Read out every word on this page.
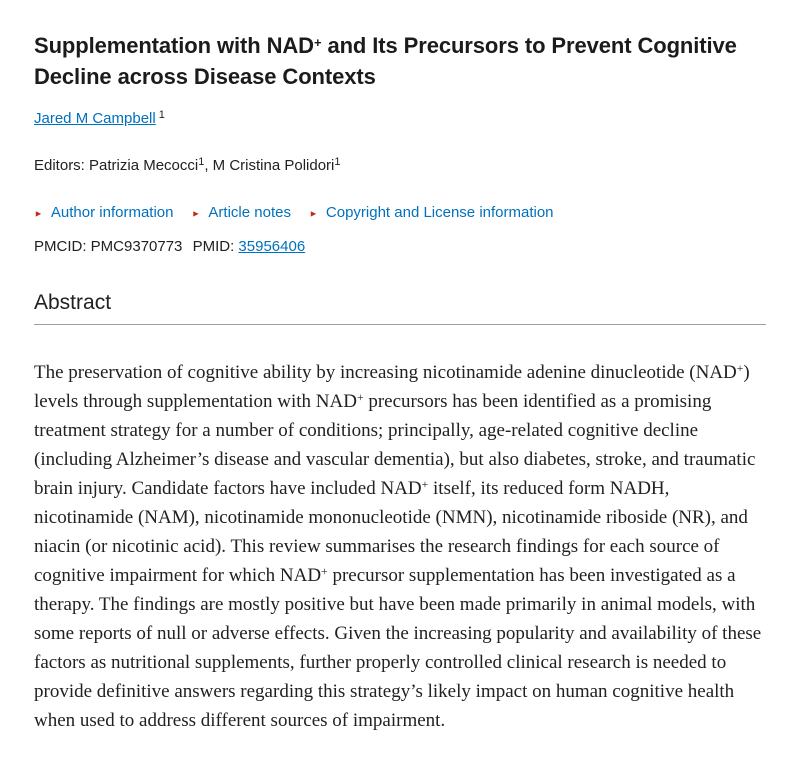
Supplementation with NAD+ and Its Precursors to Prevent Cognitive Decline across Disease Contexts
Jared M Campbell $^1$
Editors: Patrizia Mecocci$^1$, M Cristina Polidori$^1$
► Author information ► Article notes ► Copyright and License information
PMCID: PMC9370773 PMID: 35956406
Abstract

The preservation of cognitive ability by increasing nicotinamide adenine dinucleotide (NAD+) levels through supplementation with NAD+ precursors has been identified as a promising treatment strategy for a number of conditions; principally, age-related cognitive decline (including Alzheimer’s disease and vascular dementia), but also diabetes, stroke, and traumatic brain injury. Candidate factors have included NAD+ itself, its reduced form NADH, nicotinamide (NAM), nicotinamide mononucleotide (NMN), nicotinamide riboside (NR), and niacin (or nicotinic acid). This review summarises the research findings for each source of cognitive impairment for which NAD+ precursor supplementation has been investigated as a therapy. The findings are mostly positive but have been made primarily in animal models, with some reports of null or adverse effects. Given the increasing popularity and availability of these factors as nutritional supplements, further properly controlled clinical research is needed to provide definitive answers regarding this strategy’s likely impact on human cognitive health when used to address different sources of impairment.
